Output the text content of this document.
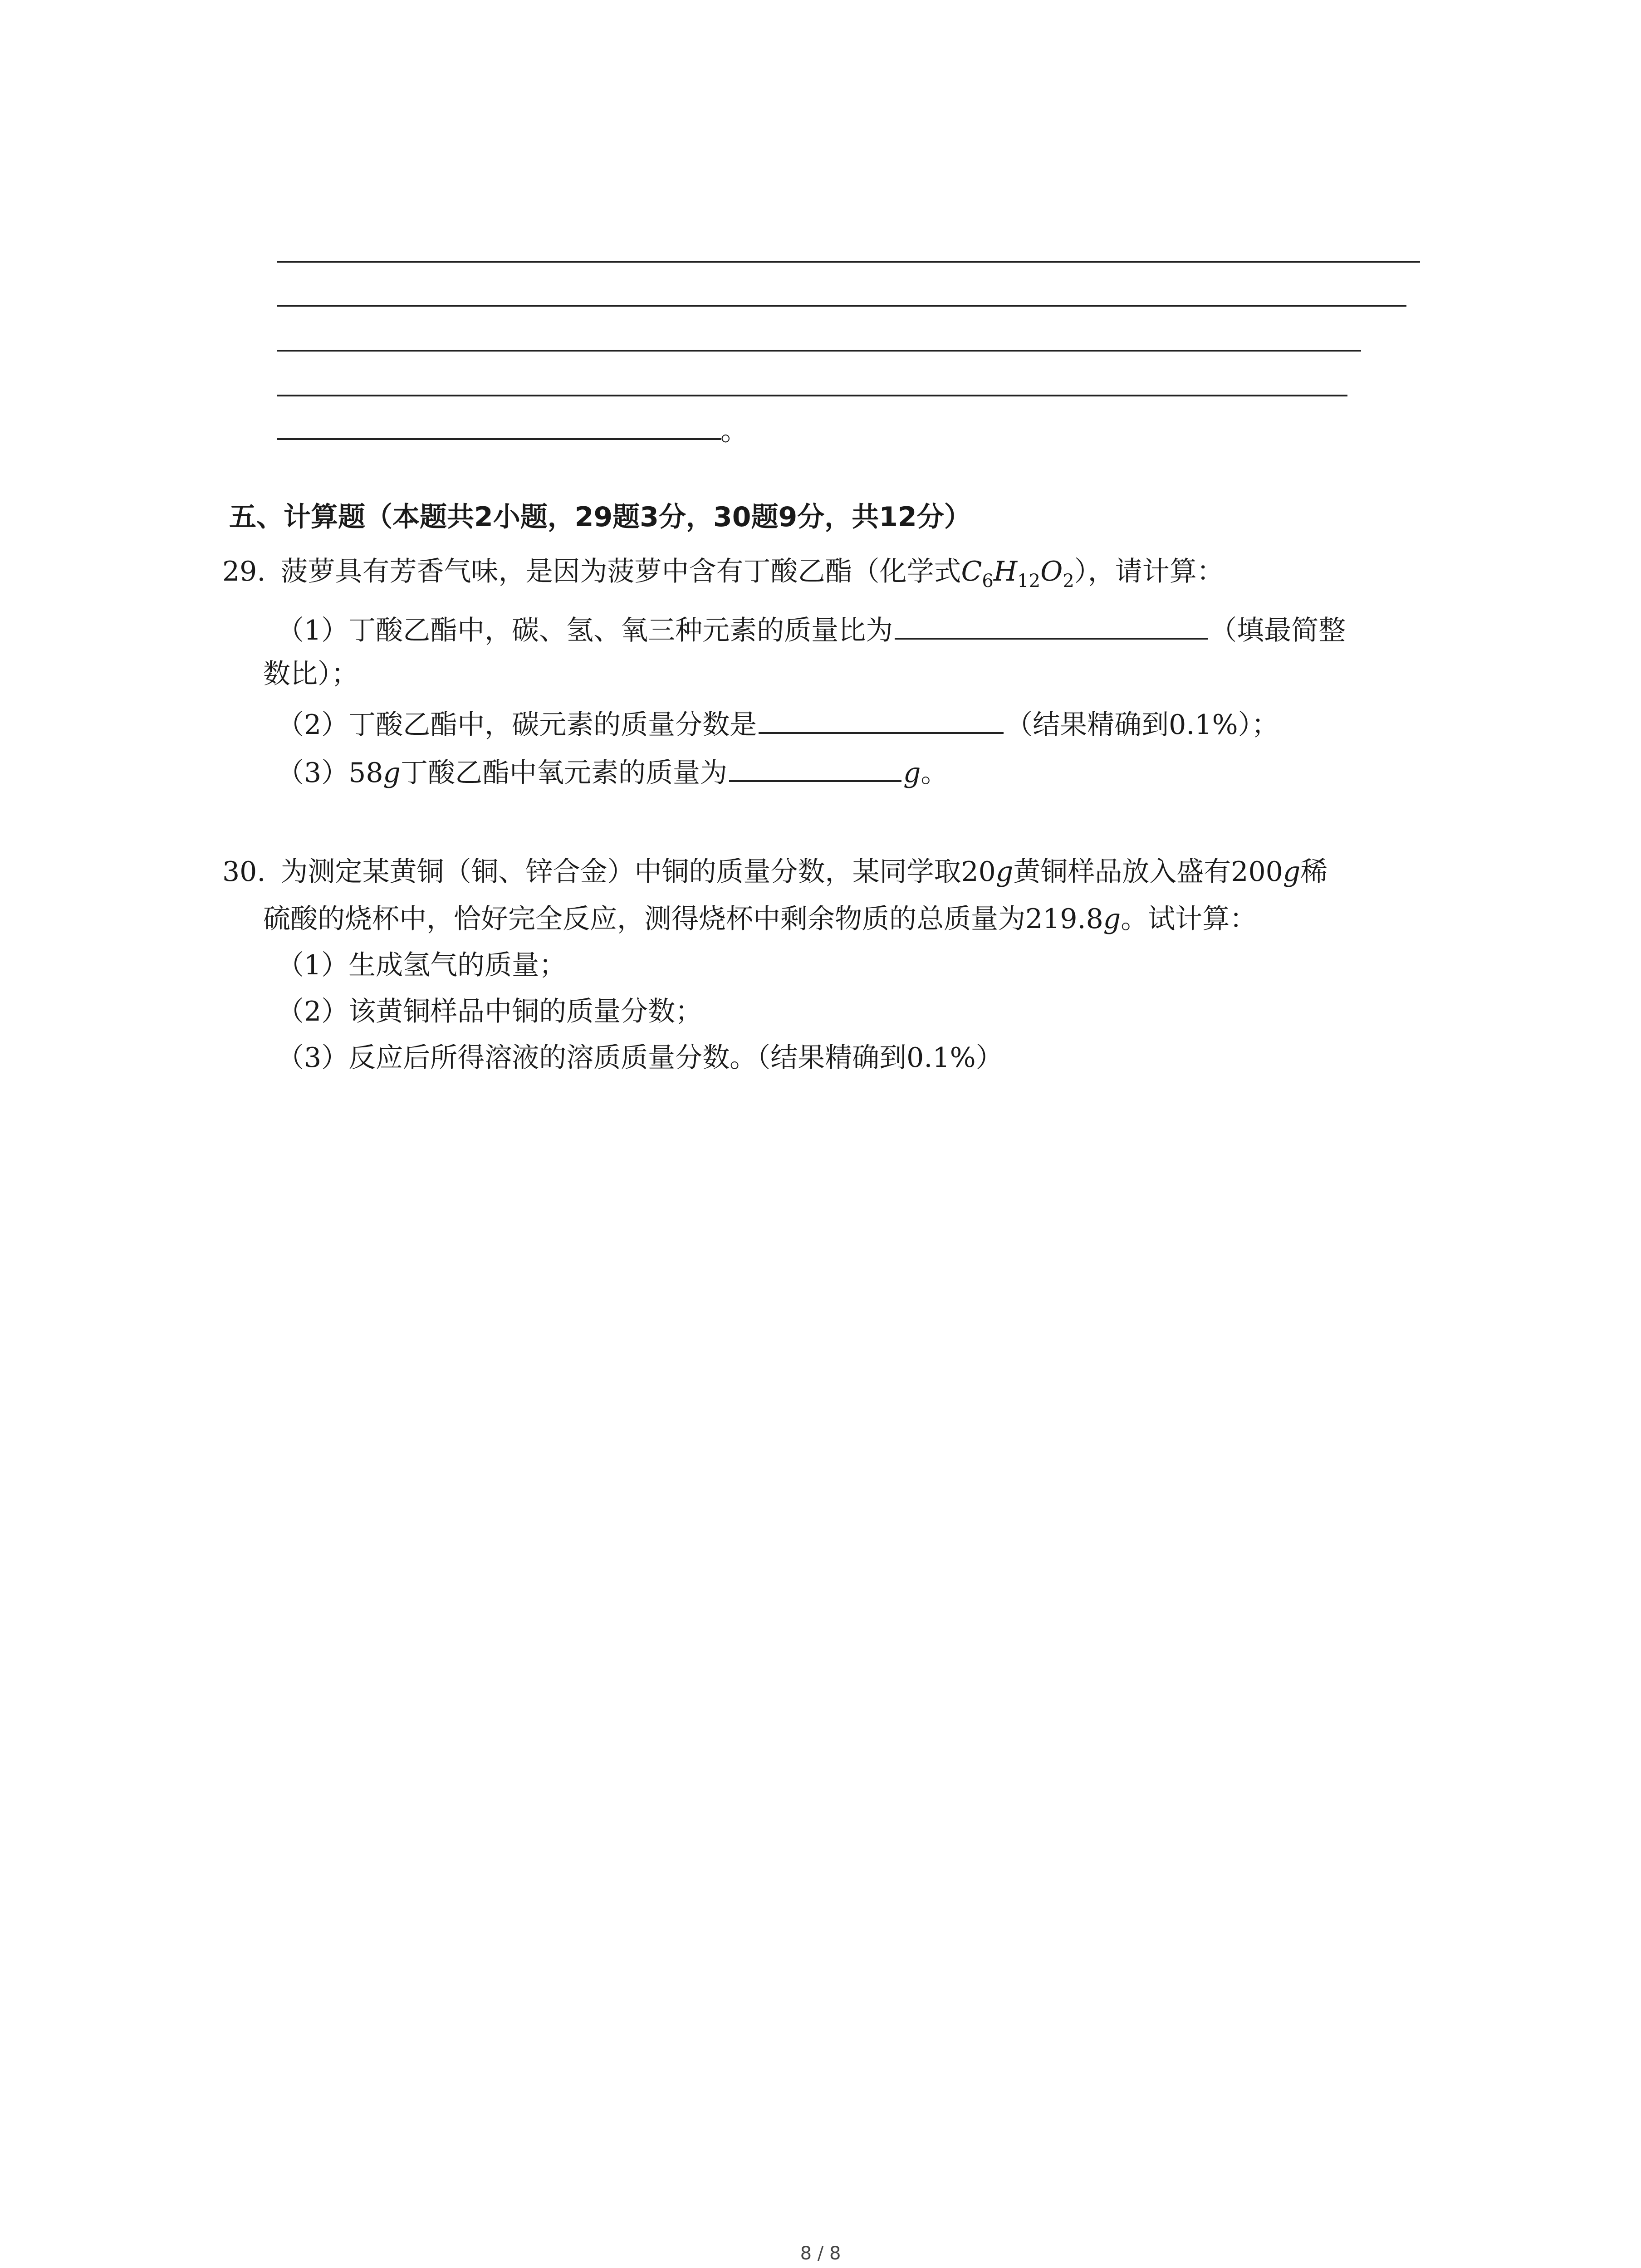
。
五、计算题（本题共2小题，29题3分，30题9分，共12分）
29. 菠萝具有芳香气味，是因为菠萝中含有丁酸乙酯（化学式$C_6H_{12}O_2$），请计算：
（1）丁酸乙酯中，碳、氢、氧三种元素的质量比为	（填最简整
数比）；
（2）丁酸乙酯中，碳元素的质量分数是	（结果精确到0.1%）；
（3）58g丁酸乙酯中氧元素的质量为	g。
30. 为测定某黄铜（铜、锌合金）中铜的质量分数，某同学取20g黄铜样品放入盛有200g稀
硫酸的烧杯中，恰好完全反应，测得烧杯中剩余物质的总质量为219.8g。试计算：
（1）生成氢气的质量；
（2）该黄铜样品中铜的质量分数；
（3）反应后所得溶液的溶质质量分数。（结果精确到0.1%）
8 / 8
